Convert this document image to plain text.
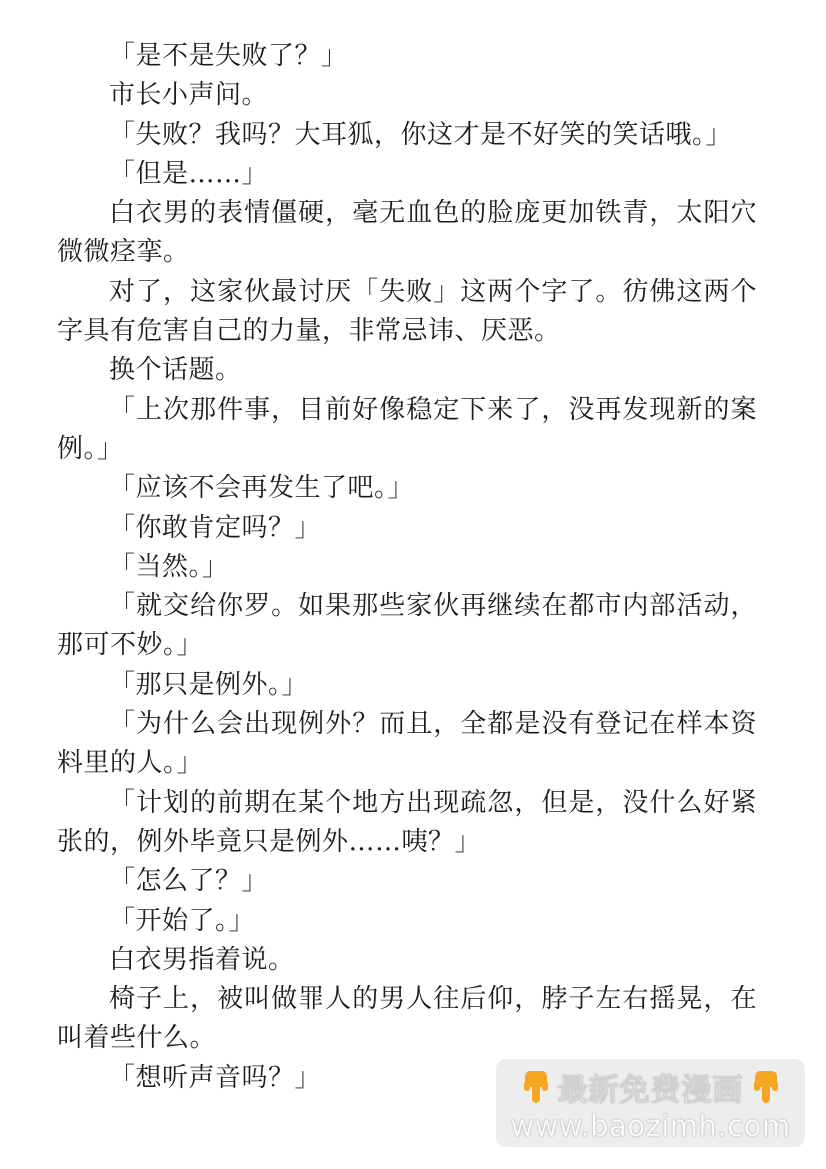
「是不是失败了？」

市长小声问。

「失败？我吗？大耳狐，你这才是不好笑的笑话哦。」

「但是……」

白衣男的表情僵硬，毫无血色的脸庞更加铁青，太阳穴微微痉挛。

对了，这家伙最讨厌「失败」这两个字了。彷佛这两个字具有危害自己的力量，非常忌讳、厌恶。

换个话题。

「上次那件事，目前好像稳定下来了，没再发现新的案例。」

「应该不会再发生了吧。」

「你敢肯定吗？」

「当然。」

「就交给你罗。如果那些家伙再继续在都市内部活动，那可不妙。」

「那只是例外。」

「为什么会出现例外？而且，全都是没有登记在样本资料里的人。」

「计划的前期在某个地方出现疏忽，但是，没什么好紧张的，例外毕竟只是例外……咦？」

「怎么了？」

「开始了。」

白衣男指着说。

椅子上，被叫做罪人的男人往后仰，脖子左右摇晃，在叫着些什么。

「想听声音吗？」	最新免费漫画
www.baozimh.com
